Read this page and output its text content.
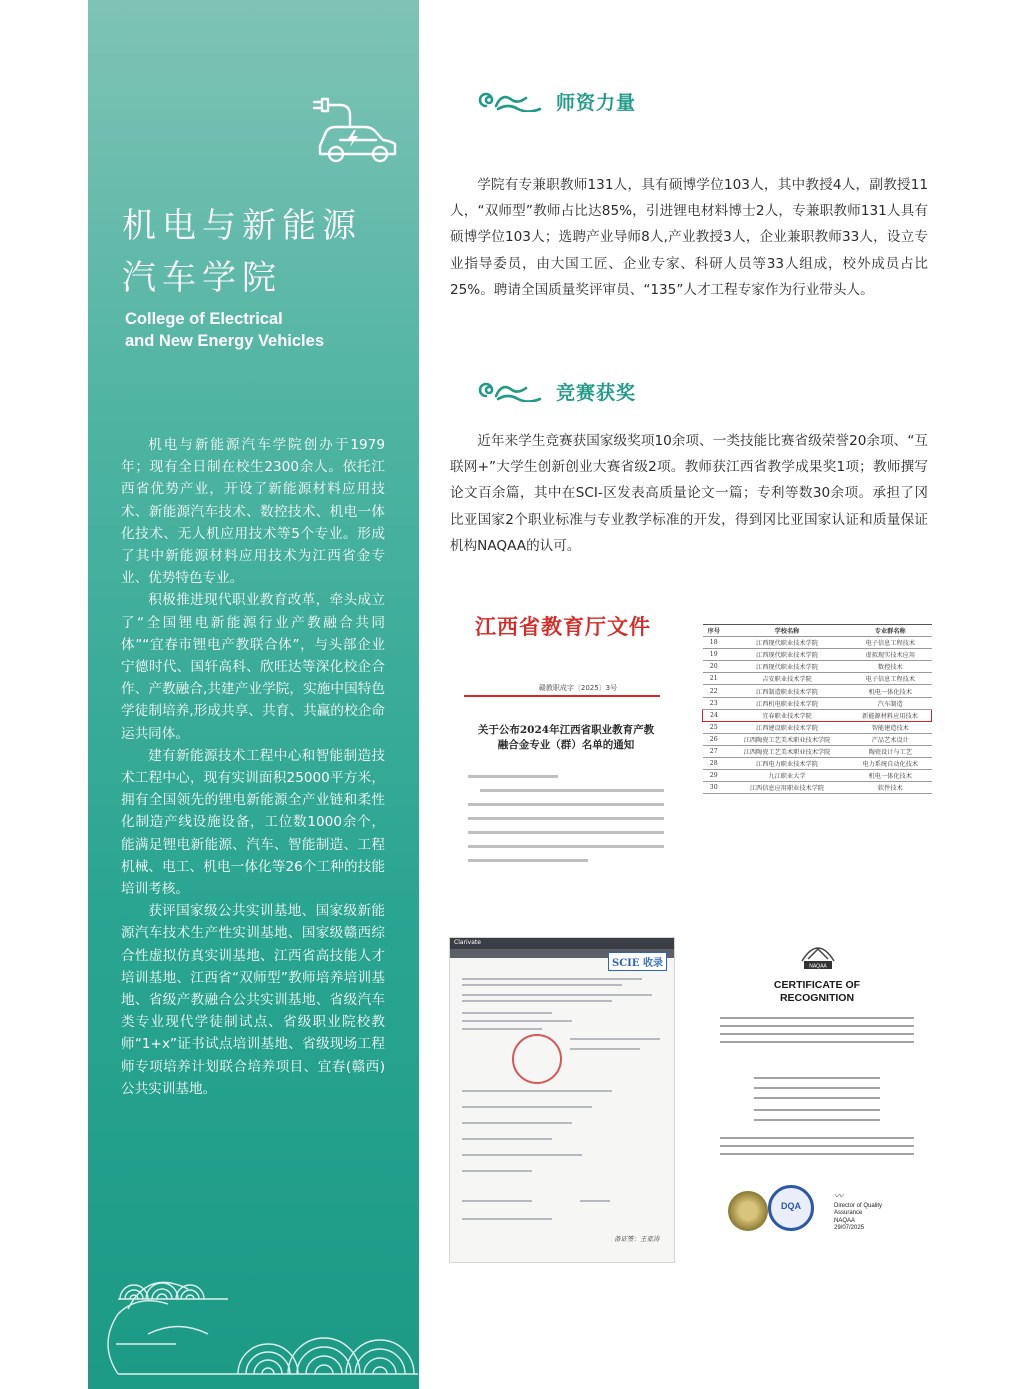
机电与新能源
汽车学院
College of Electrical
and New Energy Vehicles

机电与新能源汽车学院创办于1979年；现有全日制在校生2300余人。依托江西省优势产业，开设了新能源材料应用技术、新能源汽车技术、数控技术、机电一体化技术、无人机应用技术等5个专业。形成了其中新能源材料应用技术为江西省金专业、优势特色专业。

积极推进现代职业教育改革，牵头成立了“全国锂电新能源行业产教融合共同体”“宜春市锂电产教联合体”，与头部企业宁德时代、国轩高科、欣旺达等深化校企合作、产教融合,共建产业学院，实施中国特色学徒制培养,形成共享、共育、共赢的校企命运共同体。

建有新能源技术工程中心和智能制造技术工程中心，现有实训面积25000平方米，拥有全国领先的锂电新能源全产业链和柔性化制造产线设施设备，工位数1000余个，能满足锂电新能源、汽车、智能制造、工程机械、电工、机电一体化等26个工种的技能培训考核。

获评国家级公共实训基地、国家级新能源汽车技术生产性实训基地、国家级赣西综合性虚拟仿真实训基地、江西省高技能人才培训基地、江西省“双师型”教师培养培训基地、省级产教融合公共实训基地、省级汽车类专业现代学徒制试点、省级职业院校教师“1+x”证书试点培训基地、省级现场工程师专项培养计划联合培养项目、宜春(赣西)公共实训基地。

师资力量

学院有专兼职教师131人，具有硕博学位103人，其中教授4人，副教授11人，“双师型”教师占比达85%，引进锂电材料博士2人，专兼职教师131人具有硕博学位103人；选聘产业导师8人,产业教授3人，企业兼职教师33人，设立专业指导委员，由大国工匠、企业专家、科研人员等33人组成，校外成员占比25%。聘请全国质量奖评审员、“135”人才工程专家作为行业带头人。

竞赛获奖

近年来学生竞赛获国家级奖项10余项、一类技能比赛省级荣誉20余项、“互联网+”大学生创新创业大赛省级2项。教师获江西省教学成果奖1项；教师撰写论文百余篇，其中在SCI-区发表高质量论文一篇；专利等数30余项。承担了冈比亚国家2个职业标准与专业教学标准的开发，得到冈比亚国家认证和质量保证机构NAQAA的认可。

江西省教育厅文件
赣教职成字〔2025〕3号
关于公布2024年江西省职业教育产教融合金专业（群）名单的通知
序号	学校名称	专业群名称
18	江西现代职业技术学院	电子信息工程技术
19	江西现代职业技术学院	虚拟现实技术应用
20	江西现代职业技术学院	数控技术
21	吉安职业技术学院	电子信息工程技术
22	江西制造职业技术学院	机电一体化技术
23	江西机电职业技术学院	汽车制造
24	宜春职业技术学院	新能源材料应用技术
25	江西建设职业技术学院	智能建造技术
26	江西陶瓷工艺美术职业技术学院	产品艺术设计
27	江西陶瓷工艺美术职业技术学院	陶瓷设计与工艺
28	江西电力职业技术学院	电力系统自动化技术
29	九江职业大学	机电一体化技术
30	江西信息应用职业技术学院	软件技术
Clarivate
SCIE 收录
备证签：王亚涛
NAQAA
CERTIFICATE OF
RECOGNITION
DQA
〰
Director of Quality
Assurance
NAQAA
29/07/2025
